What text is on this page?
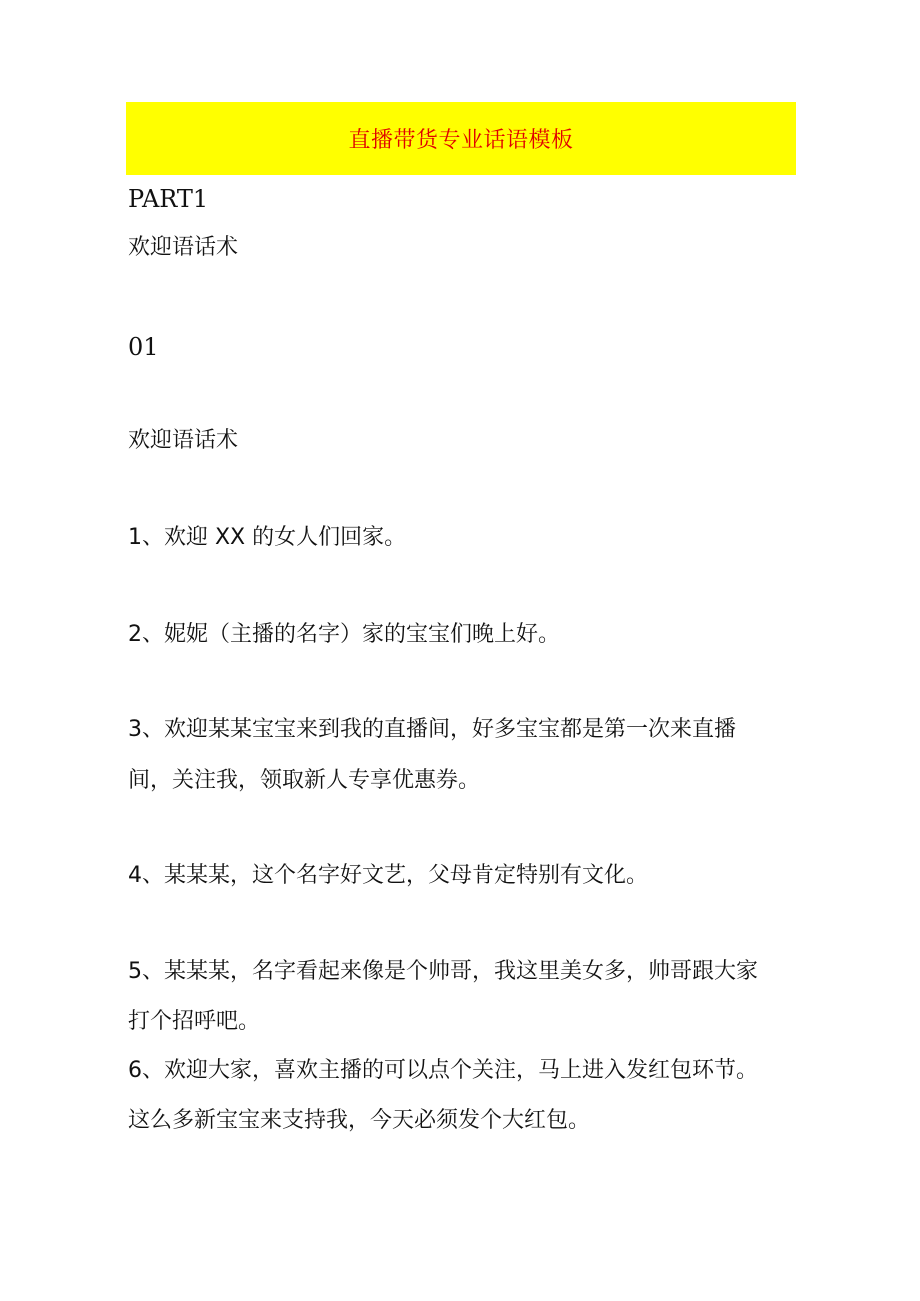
直播带货专业话语模板
PART1
欢迎语话术
01
欢迎语话术
1、欢迎 XX 的女人们回家。
2、妮妮（主播的名字）家的宝宝们晚上好。
3、欢迎某某宝宝来到我的直播间，好多宝宝都是第一次来直播
间，关注我，领取新人专享优惠券。
4、某某某，这个名字好文艺，父母肯定特别有文化。
5、某某某，名字看起来像是个帅哥，我这里美女多，帅哥跟大家
打个招呼吧。
6、欢迎大家，喜欢主播的可以点个关注，马上进入发红包环节。
这么多新宝宝来支持我，今天必须发个大红包。
